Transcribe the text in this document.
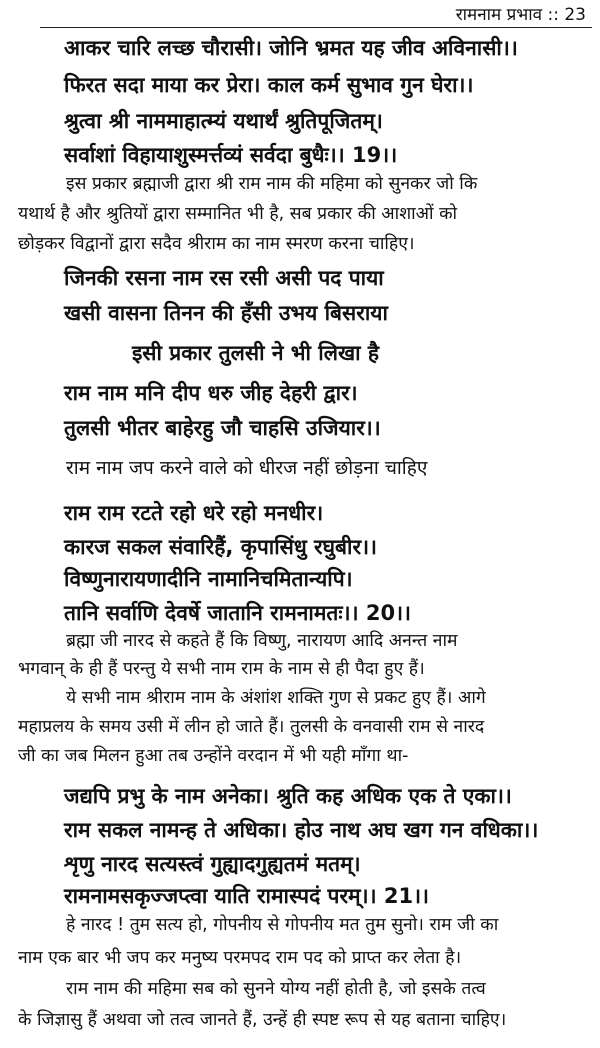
रामनाम प्रभाव :: 23
आकर चारि लच्छ चौरासी। जोनि भ्रमत यह जीव अविनासी।।
फिरत सदा माया कर प्रेरा। काल कर्म सुभाव गुन घेरा।।
श्रुत्वा श्री नाममाहात्म्यं यथार्थं श्रुतिपूजितम्।
सर्वाशां विहायाशुस्मर्त्तव्यं सर्वदा बुधैः।। 19।।
इस प्रकार ब्रह्माजी द्वारा श्री राम नाम की महिमा को सुनकर जो कि
यथार्थ है और श्रुतियों द्वारा सम्मानित भी है, सब प्रकार की आशाओं को
छोड़कर विद्वानों द्वारा सदैव श्रीराम का नाम स्मरण करना चाहिए।
जिनकी रसना नाम रस रसी असी पद पाया
खसी वासना तिनन की हँसी उभय बिसराया
इसी प्रकार तुलसी ने भी लिखा है
राम नाम मनि दीप धरु जीह देहरी द्वार।
तुलसी भीतर बाहेरहु जौ चाहसि उजियार।।
राम नाम जप करने वाले को धीरज नहीं छोड़ना चाहिए
राम राम रटते रहो धरे रहो मनधीर।
कारज सकल संवारिहैं, कृपासिंधु रघुबीर।।
विष्णुनारायणादीनि नामानिचमितान्यपि।
तानि सर्वाणि देवर्षे जातानि रामनामतः।। 20।।
ब्रह्मा जी नारद से कहते हैं कि विष्णु, नारायण आदि अनन्त नाम
भगवान् के ही हैं परन्तु ये सभी नाम राम के नाम से ही पैदा हुए हैं।
ये सभी नाम श्रीराम नाम के अंशांश शक्ति गुण से प्रकट हुए हैं। आगे
महाप्रलय के समय उसी में लीन हो जाते हैं। तुलसी के वनवासी राम से नारद
जी का जब मिलन हुआ तब उन्होंने वरदान में भी यही माँगा था-
जद्यपि प्रभु के नाम अनेका। श्रुति कह अधिक एक ते एका।।
राम सकल नामन्ह ते अधिका। होउ नाथ अघ खग गन वधिका।।
शृणु नारद सत्यस्त्वं गुह्यादगुह्यतमं मतम्।
रामनामसकृज्जप्त्वा याति रामास्पदं परम्।। 21।।
हे नारद ! तुम सत्य हो, गोपनीय से गोपनीय मत तुम सुनो। राम जी का
नाम एक बार भी जप कर मनुष्य परमपद राम पद को प्राप्त कर लेता है।
राम नाम की महिमा सब को सुनने योग्य नहीं होती है, जो इसके तत्व
के जिज्ञासु हैं अथवा जो तत्व जानते हैं, उन्हें ही स्पष्ट रूप से यह बताना चाहिए।
